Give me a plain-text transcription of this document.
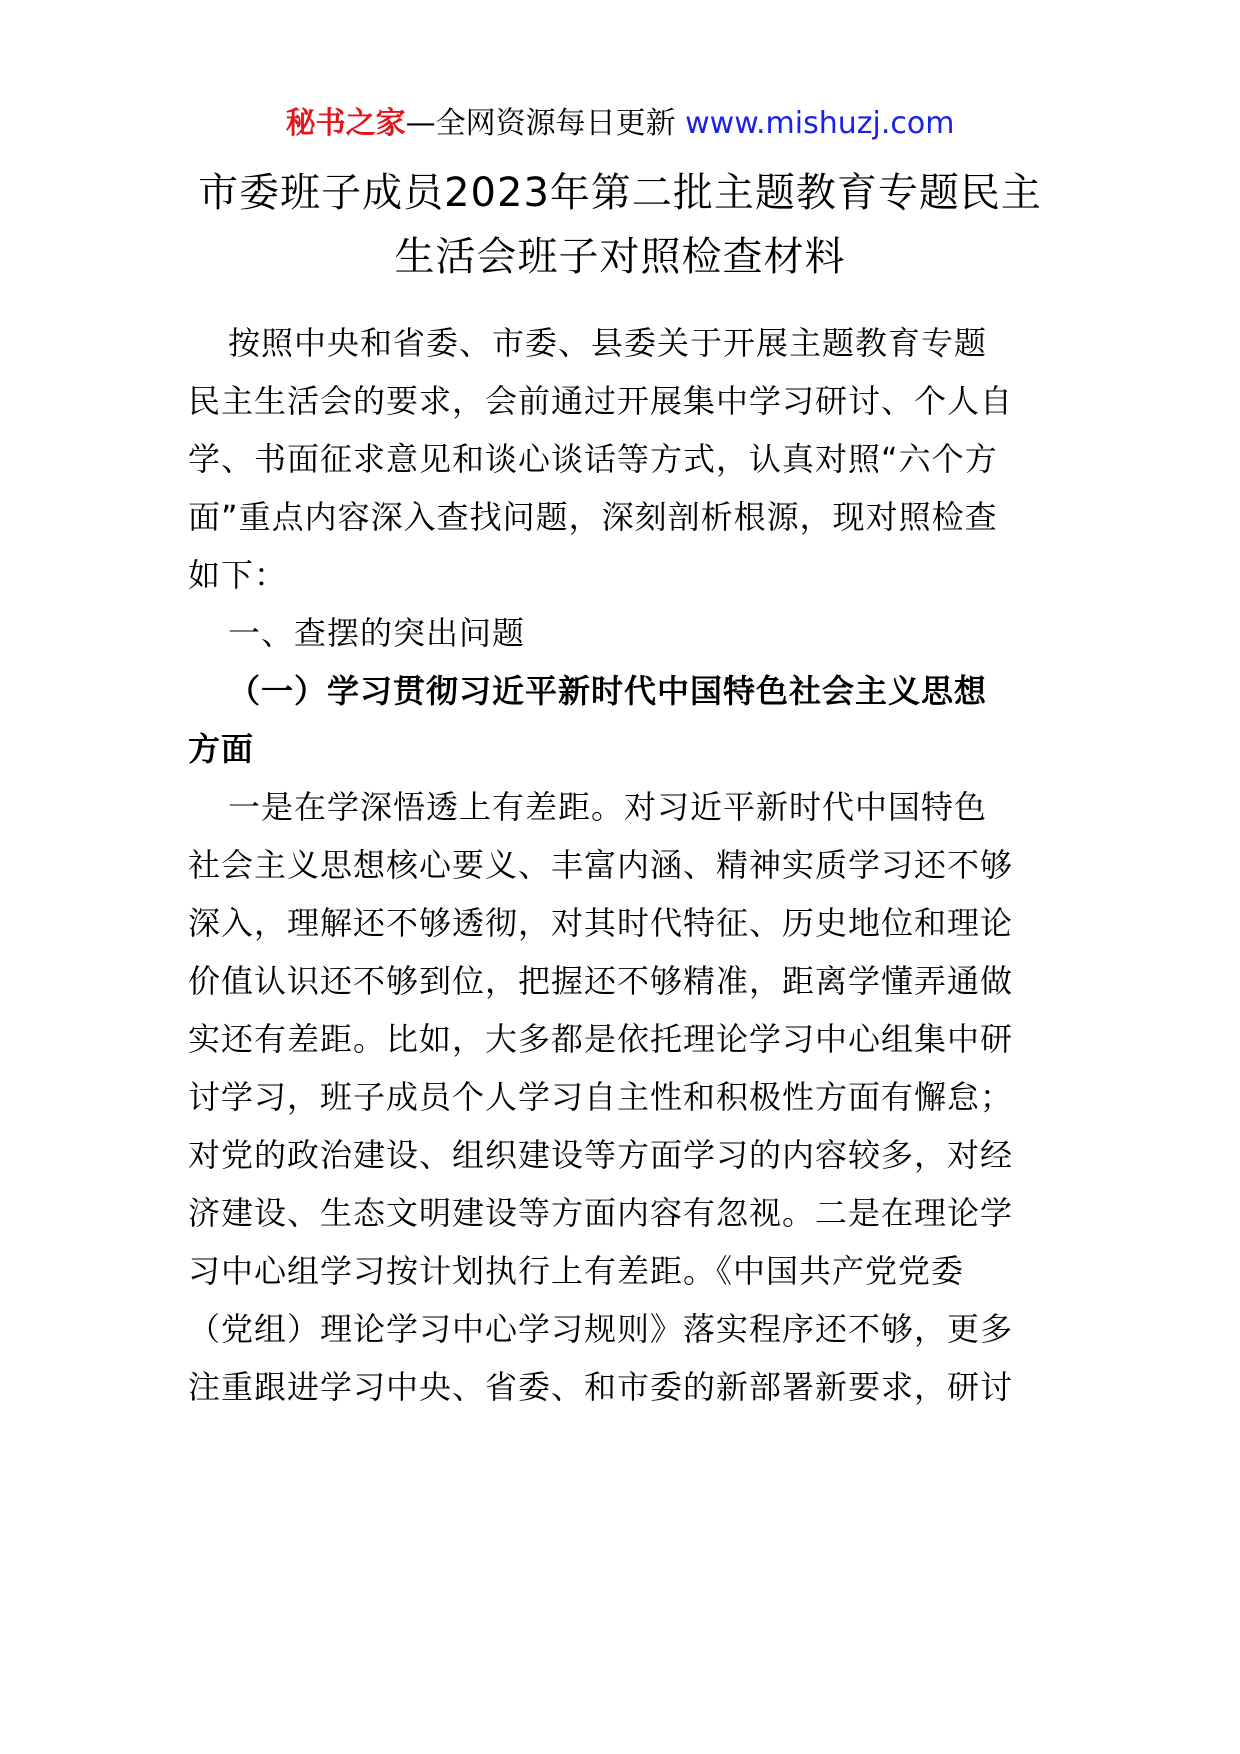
秘书之家—全网资源每日更新 www.mishuzj.com
市委班子成员2023年第二批主题教育专题民主
生活会班子对照检查材料
按照中央和省委、市委、县委关于开展主题教育专题
民主生活会的要求，会前通过开展集中学习研讨、个人自
学、书面征求意见和谈心谈话等方式，认真对照“六个方
面”重点内容深入查找问题，深刻剖析根源，现对照检查
如下：
一、查摆的突出问题
（一）学习贯彻习近平新时代中国特色社会主义思想
方面
一是在学深悟透上有差距。对习近平新时代中国特色
社会主义思想核心要义、丰富内涵、精神实质学习还不够
深入，理解还不够透彻，对其时代特征、历史地位和理论
价值认识还不够到位，把握还不够精准，距离学懂弄通做
实还有差距。比如，大多都是依托理论学习中心组集中研
讨学习，班子成员个人学习自主性和积极性方面有懈怠；
对党的政治建设、组织建设等方面学习的内容较多，对经
济建设、生态文明建设等方面内容有忽视。二是在理论学
习中心组学习按计划执行上有差距。《中国共产党党委
（党组）理论学习中心学习规则》落实程序还不够，更多
注重跟进学习中央、省委、和市委的新部署新要求，研讨
